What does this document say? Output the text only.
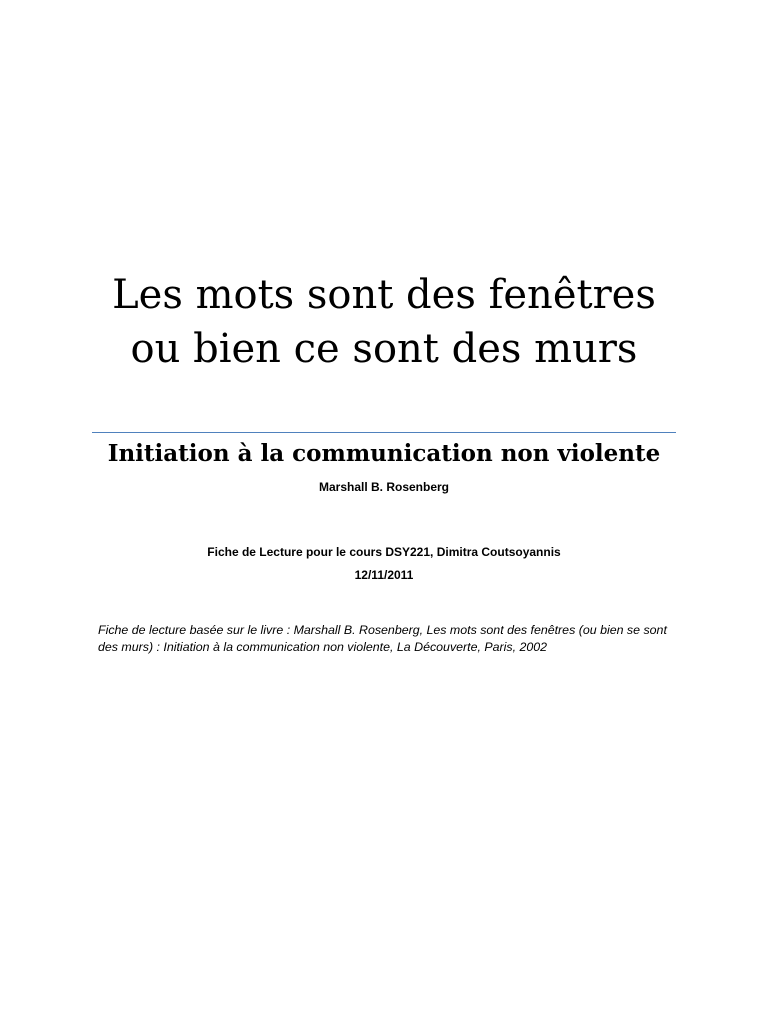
Les mots sont des fenêtres ou bien ce sont des murs
Initiation à la communication non violente

Marshall B. Rosenberg

Fiche de Lecture pour le cours DSY221, Dimitra Coutsoyannis

12/11/2011

Fiche de lecture basée sur le livre : Marshall B. Rosenberg, Les mots sont des fenêtres (ou bien se sont des murs) : Initiation à la communication non violente, La Découverte, Paris, 2002
